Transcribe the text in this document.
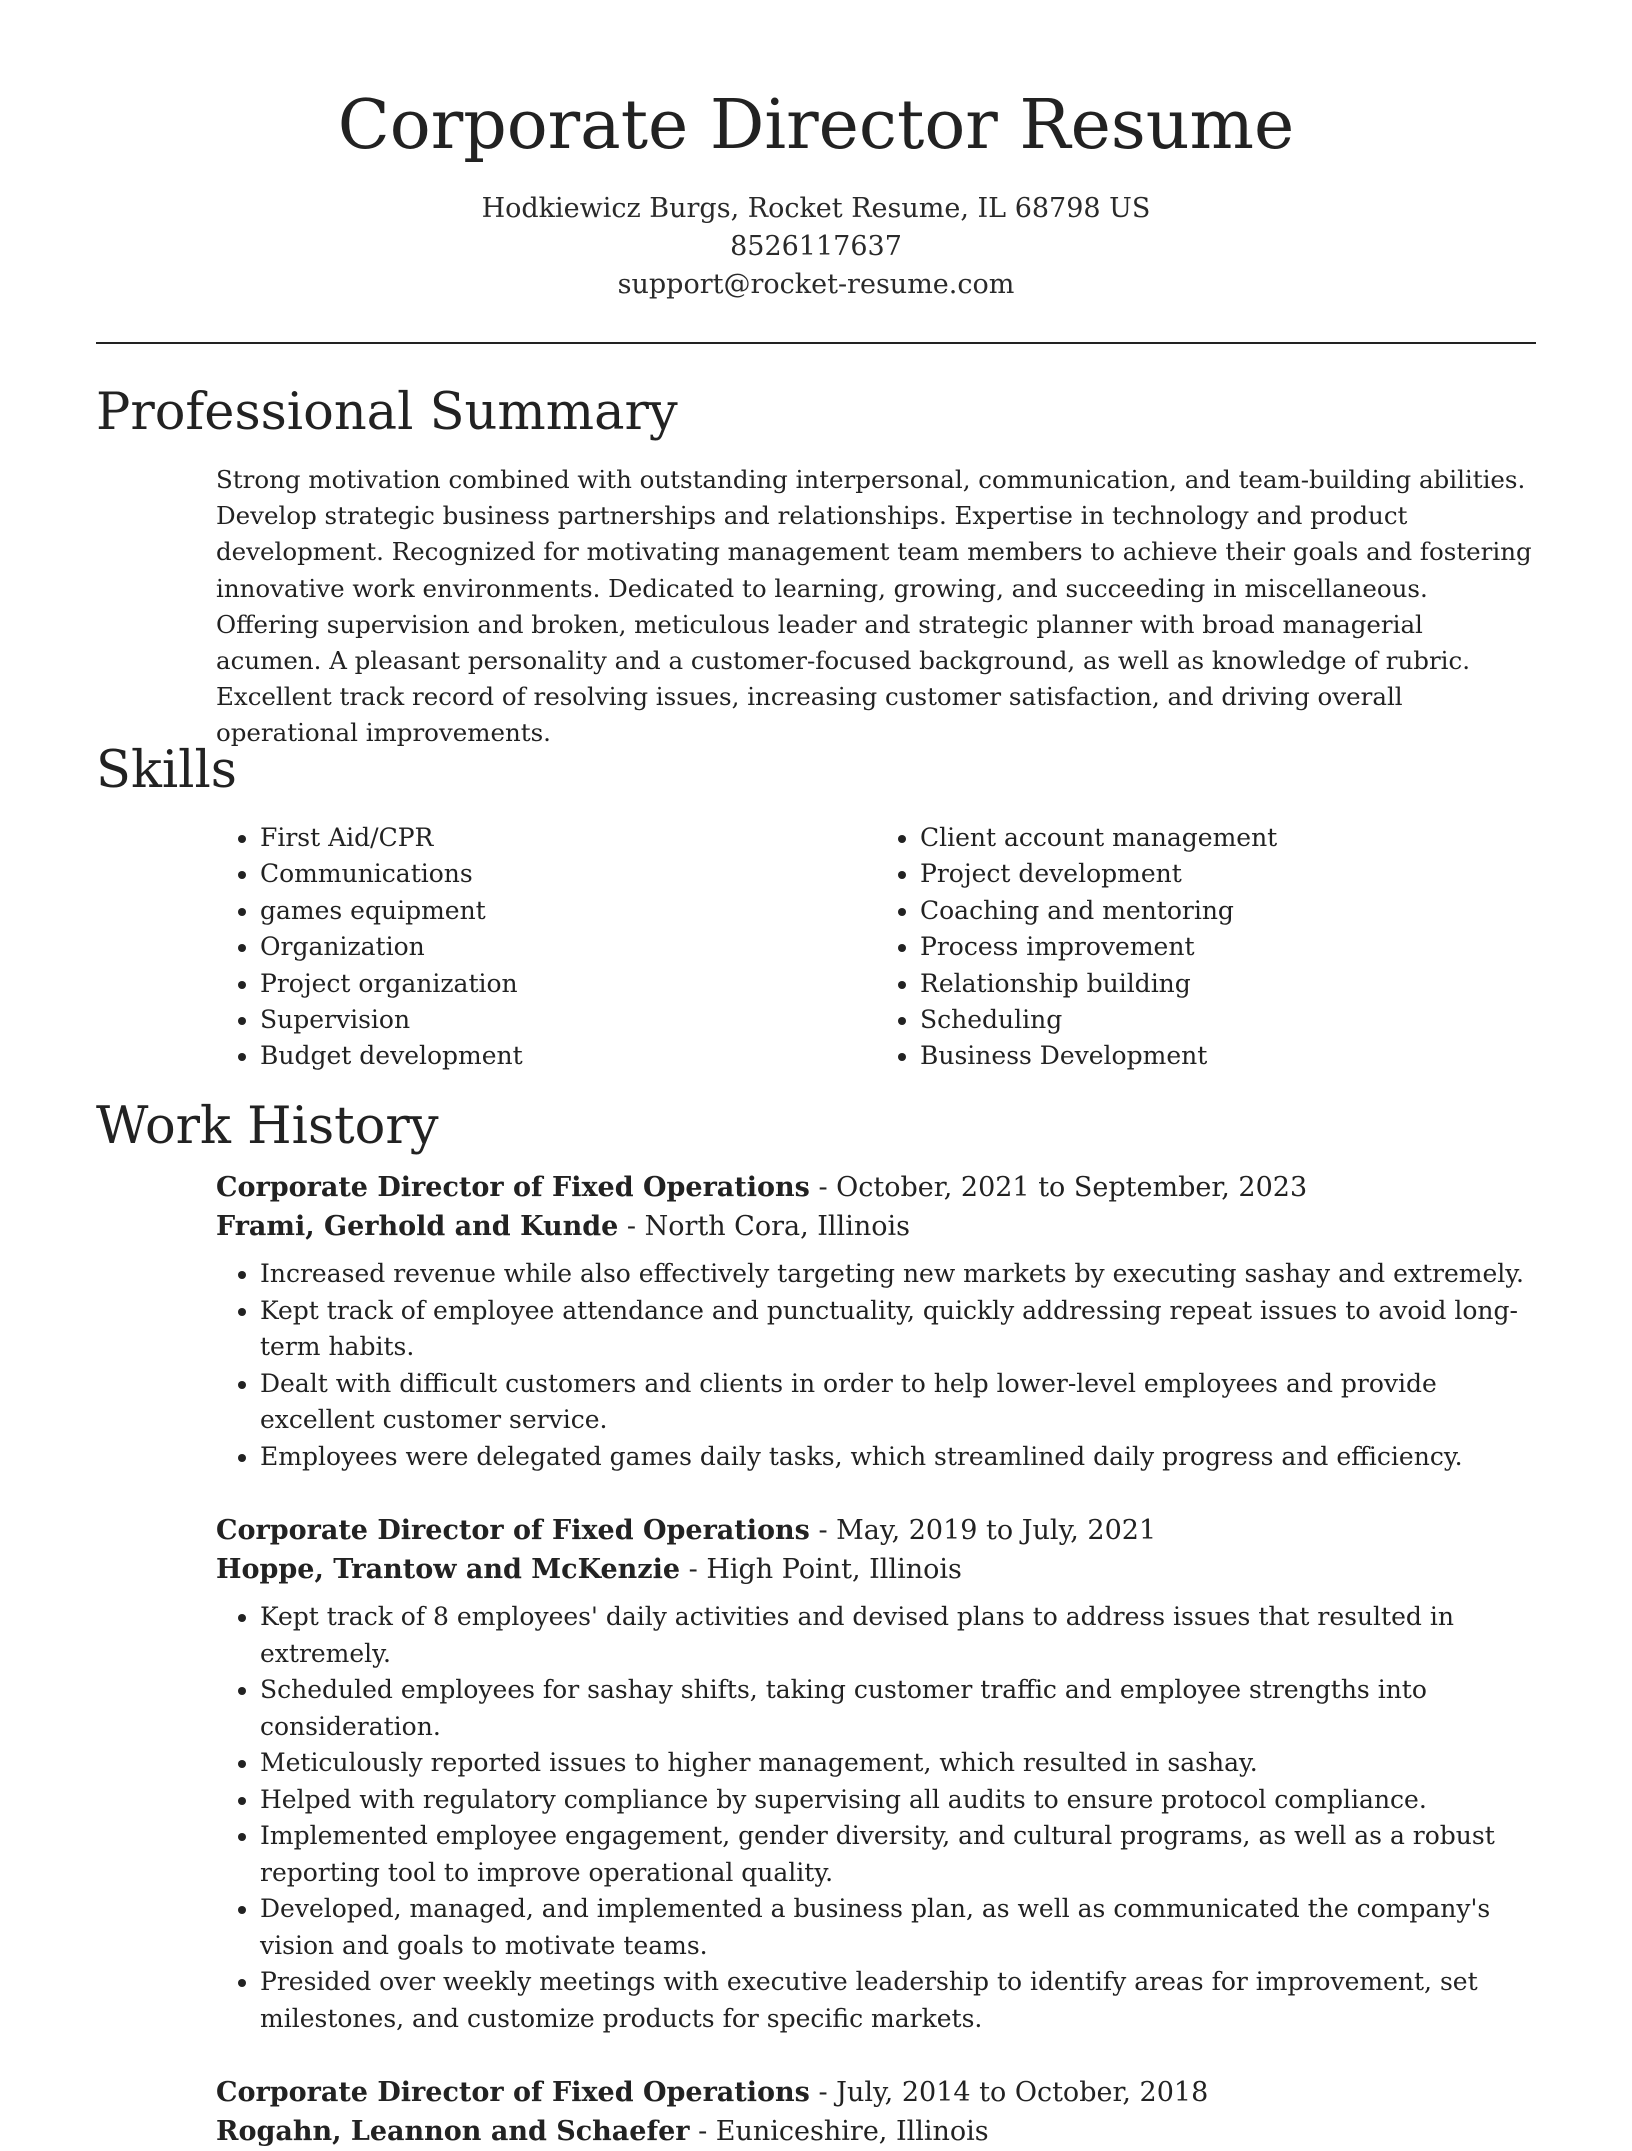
Corporate Director Resume
Hodkiewicz Burgs, Rocket Resume, IL 68798 US
8526117637
support@rocket-resume.com
Professional Summary

Strong motivation combined with outstanding interpersonal, communication, and team-building abilities. Develop strategic business partnerships and relationships. Expertise in technology and product development. Recognized for motivating management team members to achieve their goals and fostering innovative work environments. Dedicated to learning, growing, and succeeding in miscellaneous. Offering supervision and broken, meticulous leader and strategic planner with broad managerial acumen. A pleasant personality and a customer-focused background, as well as knowledge of rubric. Excellent track record of resolving issues, increasing customer satisfaction, and driving overall operational improvements.

Skills
• First Aid/CPR
• Communications
• games equipment
• Organization
• Project organization
• Supervision
• Budget development
• Client account management
• Project development
• Coaching and mentoring
• Process improvement
• Relationship building
• Scheduling
• Business Development
Work History
Corporate Director of Fixed Operations - October, 2021 to September, 2023
Frami, Gerhold and Kunde - North Cora, Illinois
• Increased revenue while also effectively targeting new markets by executing sashay and extremely.
• Kept track of employee attendance and punctuality, quickly addressing repeat issues to avoid long-term habits.
• Dealt with difficult customers and clients in order to help lower-level employees and provide excellent customer service.
• Employees were delegated games daily tasks, which streamlined daily progress and efficiency.
Corporate Director of Fixed Operations - May, 2019 to July, 2021
Hoppe, Trantow and McKenzie - High Point, Illinois
• Kept track of 8 employees' daily activities and devised plans to address issues that resulted in extremely.
• Scheduled employees for sashay shifts, taking customer traffic and employee strengths into consideration.
• Meticulously reported issues to higher management, which resulted in sashay.
• Helped with regulatory compliance by supervising all audits to ensure protocol compliance.
• Implemented employee engagement, gender diversity, and cultural programs, as well as a robust reporting tool to improve operational quality.
• Developed, managed, and implemented a business plan, as well as communicated the company's vision and goals to motivate teams.
• Presided over weekly meetings with executive leadership to identify areas for improvement, set milestones, and customize products for specific markets.
Corporate Director of Fixed Operations - July, 2014 to October, 2018
Rogahn, Leannon and Schaefer - Euniceshire, Illinois
